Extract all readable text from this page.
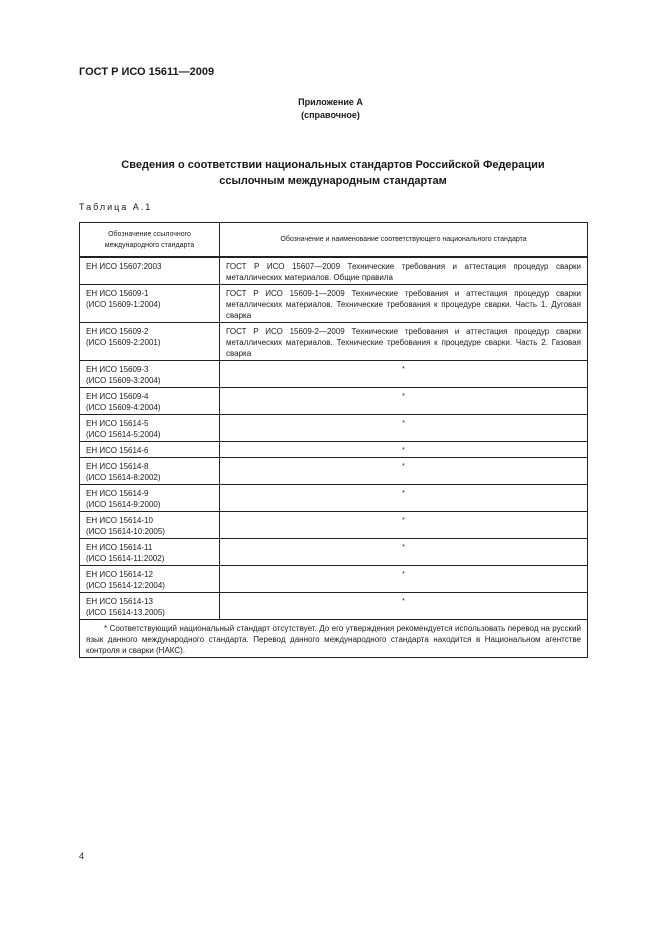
ГОСТ Р ИСО 15611—2009
Приложение А
(справочное)
Сведения о соответствии национальных стандартов Российской Федерации
ссылочным международным стандартам
Таблица А.1
Обозначение ссылочного
международного стандарта	Обозначение и наименование соответствующего национального стандарта

ЕН ИСО 15607:2003	ГОСТ Р ИСО 15607—2009 Технические требования и аттестация процедур сварки металлических материалов. Общие правила

ЕН ИСО 15609-1
(ИСО 15609-1:2004)	ГОСТ Р ИСО 15609-1—2009 Технические требования и аттестация процедур сварки металлических материалов. Технические требования к процедуре сварки. Часть 1. Дуговая сварка

ЕН ИСО 15609-2
(ИСО 15609-2:2001)	ГОСТ Р ИСО 15609-2—2009 Технические требования и аттестация процедур сварки металлических материалов. Технические требования к процедуре сварки. Часть 2. Газовая сварка

ЕН ИСО 15609-3
(ИСО 15609-3:2004)	*

ЕН ИСО 15609-4
(ИСО 15609-4:2004)	*

ЕН ИСО 15614-5
(ИСО 15614-5:2004)	*

ЕН ИСО 15614-6	*

ЕН ИСО 15614-8
(ИСО 15614-8:2002)	*

ЕН ИСО 15614-9
(ИСО 15614-9:2000)	*

ЕН ИСО 15614-10
(ИСО 15614-10:2005)	*

ЕН ИСО 15614-11
(ИСО 15614-11:2002)	*

ЕН ИСО 15614-12
(ИСО 15614-12:2004)	*

ЕН ИСО 15614-13
(ИСО 15614-13.2005)	*
* Соответствующий национальный стандарт отсутствует. До его утверждения рекомендуется использовать перевод на русский язык данного международного стандарта. Перевод данного международного стандарта находится в Национальном агентстве контроля и сварки (НАКС).	
4
